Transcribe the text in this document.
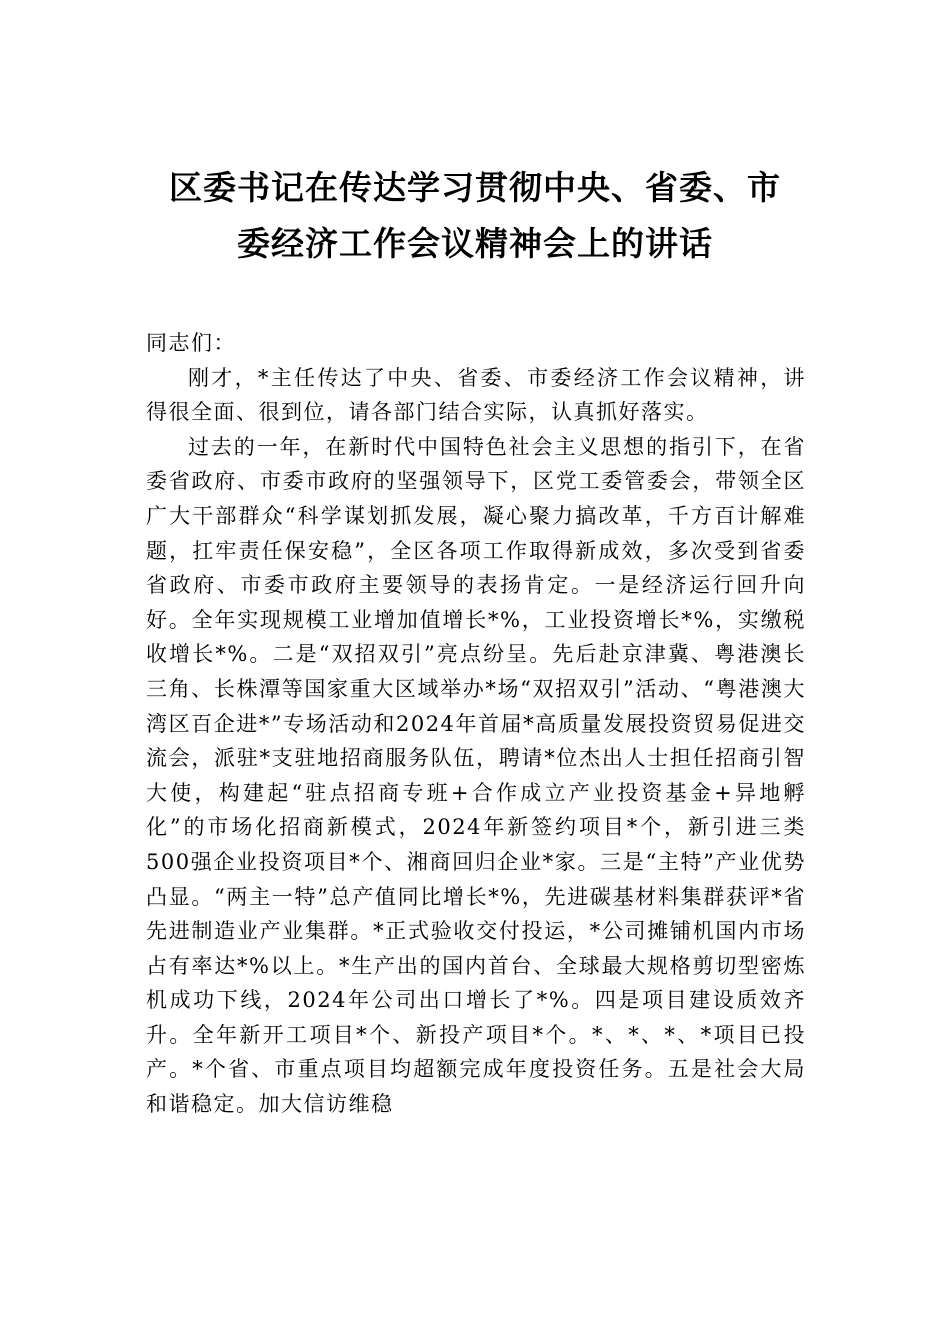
区委书记在传达学习贯彻中央、省委、市
委经济工作会议精神会上的讲话

同志们：

刚才，*主任传达了中央、省委、市委经济工作会议精神，讲得很全面、很到位，请各部门结合实际，认真抓好落实。

过去的一年，在新时代中国特色社会主义思想的指引下，在省委省政府、市委市政府的坚强领导下，区党工委管委会，带领全区广大干部群众“科学谋划抓发展，凝心聚力搞改革，千方百计解难题，扛牢责任保安稳”，全区各项工作取得新成效，多次受到省委省政府、市委市政府主要领导的表扬肯定。一是经济运行回升向好。全年实现规模工业增加值增长*%，工业投资增长*%，实缴税收增长*%。二是“双招双引”亮点纷呈。先后赴京津冀、粤港澳长三角、长株潭等国家重大区域举办*场“双招双引”活动、“粤港澳大湾区百企进*”专场活动和2024年首届*高质量发展投资贸易促进交流会，派驻*支驻地招商服务队伍，聘请*位杰出人士担任招商引智大使，构建起“驻点招商专班+合作成立产业投资基金+异地孵化”的市场化招商新模式，2024年新签约项目*个，新引进三类500强企业投资项目*个、湘商回归企业*家。三是“主特”产业优势凸显。“两主一特”总产值同比增长*%，先进碳基材料集群获评*省先进制造业产业集群。*正式验收交付投运，*公司摊铺机国内市场占有率达*%以上。*生产出的国内首台、全球最大规格剪切型密炼机成功下线，2024年公司出口增长了*%。四是项目建设质效齐升。全年新开工项目*个、新投产项目*个。*、*、*、*项目已投产。*个省、市重点项目均超额完成年度投资任务。五是社会大局和谐稳定。加大信访维稳
